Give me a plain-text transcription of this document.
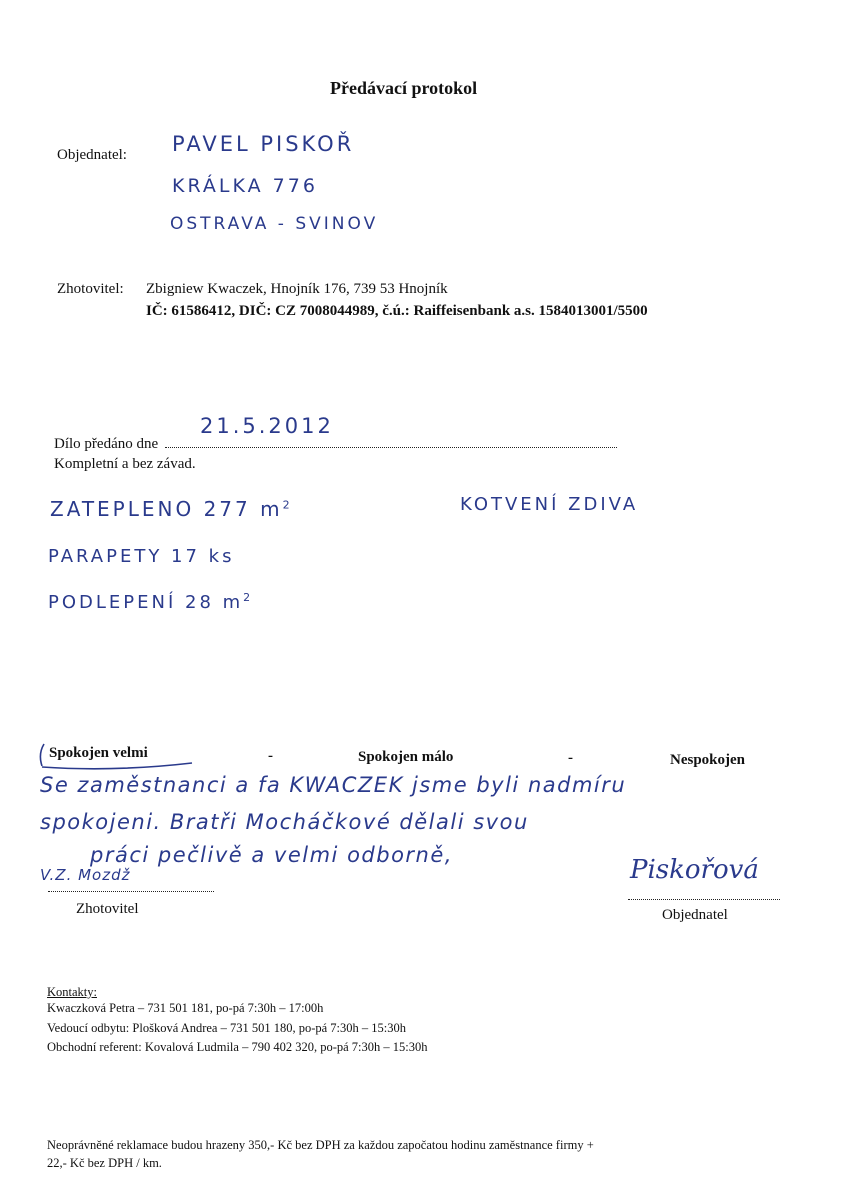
Předávací protokol
Objednatel: PAVEL PISKOŘ
KRÁLKA 776
OSTRAVA - SVINOV
Zhotovitel: Zbigniew Kwaczek, Hnojník 176, 739 53 Hnojník
IČ: 61586412, DIČ: CZ 7008044989, č.ú.: Raiffeisenbank a.s. 1584013001/5500
Dílo předáno dne
21.5.2012
Kompletní a bez závad.
ZATEPLENO 277 $m^2$	KOTVENÍ ZDIVA
PARAPETY 17 ks
PODLEPENÍ 28 $m^2$
Spokojen velmi	-	Spokojen málo	-	Nespokojen
Se zaměstnanci a fa KWACZEK jsme byli nadmíru
spokojeni. Bratři Mocháčkové dělali svou
práci pečlivě a velmi odborně,
V.Z. Mozdž
Zhotovitel
Piskořová
Objednatel
Kontakty:
Kwaczková Petra – 731 501 181, po-pá 7:30h – 17:00h
Vedoucí odbytu: Plošková Andrea – 731 501 180, po-pá 7:30h – 15:30h
Obchodní referent: Kovalová Ludmila – 790 402 320, po-pá 7:30h – 15:30h
Neoprávněné reklamace budou hrazeny 350,- Kč bez DPH za každou započatou hodinu zaměstnance firmy +
22,- Kč bez DPH / km.
